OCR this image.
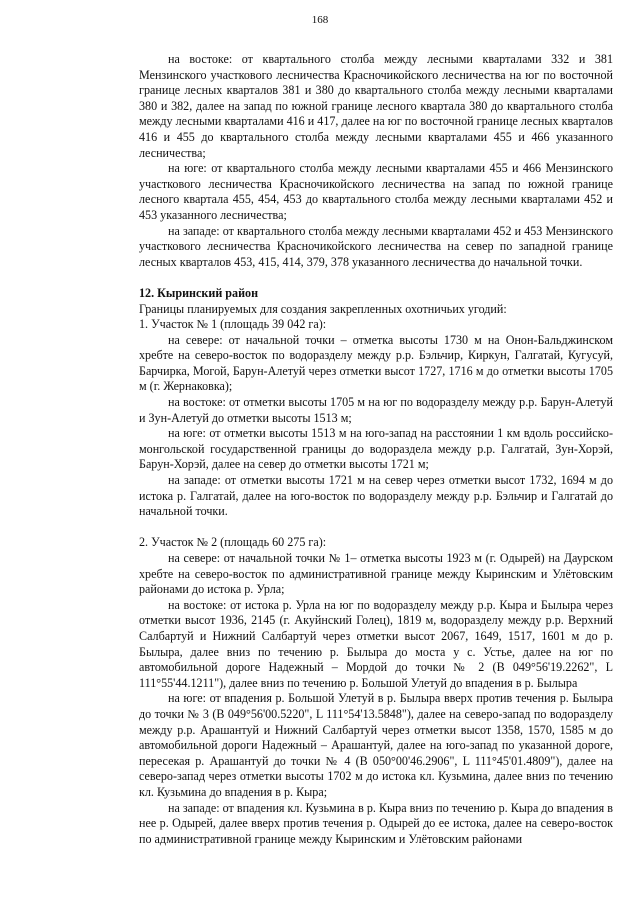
168

на востоке: от квартального столба между лесными кварталами 332 и 381 Мензинского участкового лесничества Красночикойского лесничества на юг по восточной границе лесных кварталов 381 и 380 до квартального столба между лесными кварталами 380 и 382, далее на запад по южной границе лесного квартала 380 до квартального столба между лесными кварталами 416 и 417, далее на юг по восточной границе лесных кварталов 416 и 455 до квартального столба между лесными кварталами 455 и 466 указанного лесничества;

на юге: от квартального столба между лесными кварталами 455 и 466 Мензинского участкового лесничества Красночикойского лесничества на запад по южной границе лесного квартала 455, 454, 453 до квартального столба между лесными кварталами 452 и 453 указанного лесничества;

на западе: от квартального столба между лесными кварталами 452 и 453 Мензинского участкового лесничества Красночикойского лесничества на север по западной границе лесных кварталов 453, 415, 414, 379, 378 указанного лесничества до начальной точки.

12. Кыринский район

Границы планируемых для создания закрепленных охотничьих угодий:

1. Участок № 1 (площадь 39 042 га):

на севере: от начальной точки – отметка высоты 1730 м на Онон-Бальджинском хребте на северо-восток по водоразделу между р.р. Бэльчир, Киркун, Галгатай, Кугусуй, Барчирка, Могой, Барун-Алетуй через отметки высот 1727, 1716 м до отметки высоты 1705 м (г. Жернаковка);

на востоке: от отметки высоты 1705 м на юг по водоразделу между р.р. Барун-Алетуй и Зун-Алетуй до отметки высоты 1513 м;

на юге: от отметки высоты 1513 м на юго-запад на расстоянии 1 км вдоль российско-монгольской государственной границы до водораздела между р.р. Галгатай, Зун-Хорэй, Барун-Хорэй, далее на север до отметки высоты 1721 м;

на западе: от отметки высоты 1721 м на север через отметки высот 1732, 1694 м до истока р. Галгатай, далее на юго-восток по водоразделу между р.р. Бэльчир и Галгатай до начальной точки.

2. Участок № 2 (площадь 60 275 га):

на севере: от начальной точки № 1– отметка высоты 1923 м (г. Одырей) на Даурском хребте на северо-восток по административной границе между Кыринским и Улётовским районами до истока р. Урла;

на востоке: от истока р. Урла на юг по водоразделу между р.р. Кыра и Былыра через отметки высот 1936, 2145 (г. Акуйнский Голец), 1819 м, водоразделу между р.р. Верхний Салбартуй и Нижний Салбартуй через отметки высот 2067, 1649, 1517, 1601 м до р. Былыра, далее вниз по течению р. Былыра до моста у с. Устье, далее на юг по автомобильной дороге Надежный – Мордой до точки № 2 (В 049°56'19.2262", L 111°55'44.1211"), далее вниз по течению р. Большой Улетуй до впадения в р. Былыра

на юге: от впадения р. Большой Улетуй в р. Былыра вверх против течения р. Былыра до точки № 3 (В 049°56'00.5220", L 111°54'13.5848"), далее на северо-запад по водоразделу между р.р. Арашантуй и Нижний Салбартуй через отметки высот 1358, 1570, 1585 м до автомобильной дороги Надежный – Арашантуй, далее на юго-запад по указанной дороге, пересекая р. Арашантуй до точки № 4 (В 050°00'46.2906", L 111°45'01.4809"), далее на северо-запад через отметки высоты 1702 м до истока кл. Кузьмина, далее вниз по течению кл. Кузьмина до впадения в р. Кыра;

на западе: от впадения кл. Кузьмина в р. Кыра вниз по течению р. Кыра до впадения в нее р. Одырей, далее вверх против течения р. Одырей до ее истока, далее на северо-восток по административной границе между Кыринским и Улётовским районами
